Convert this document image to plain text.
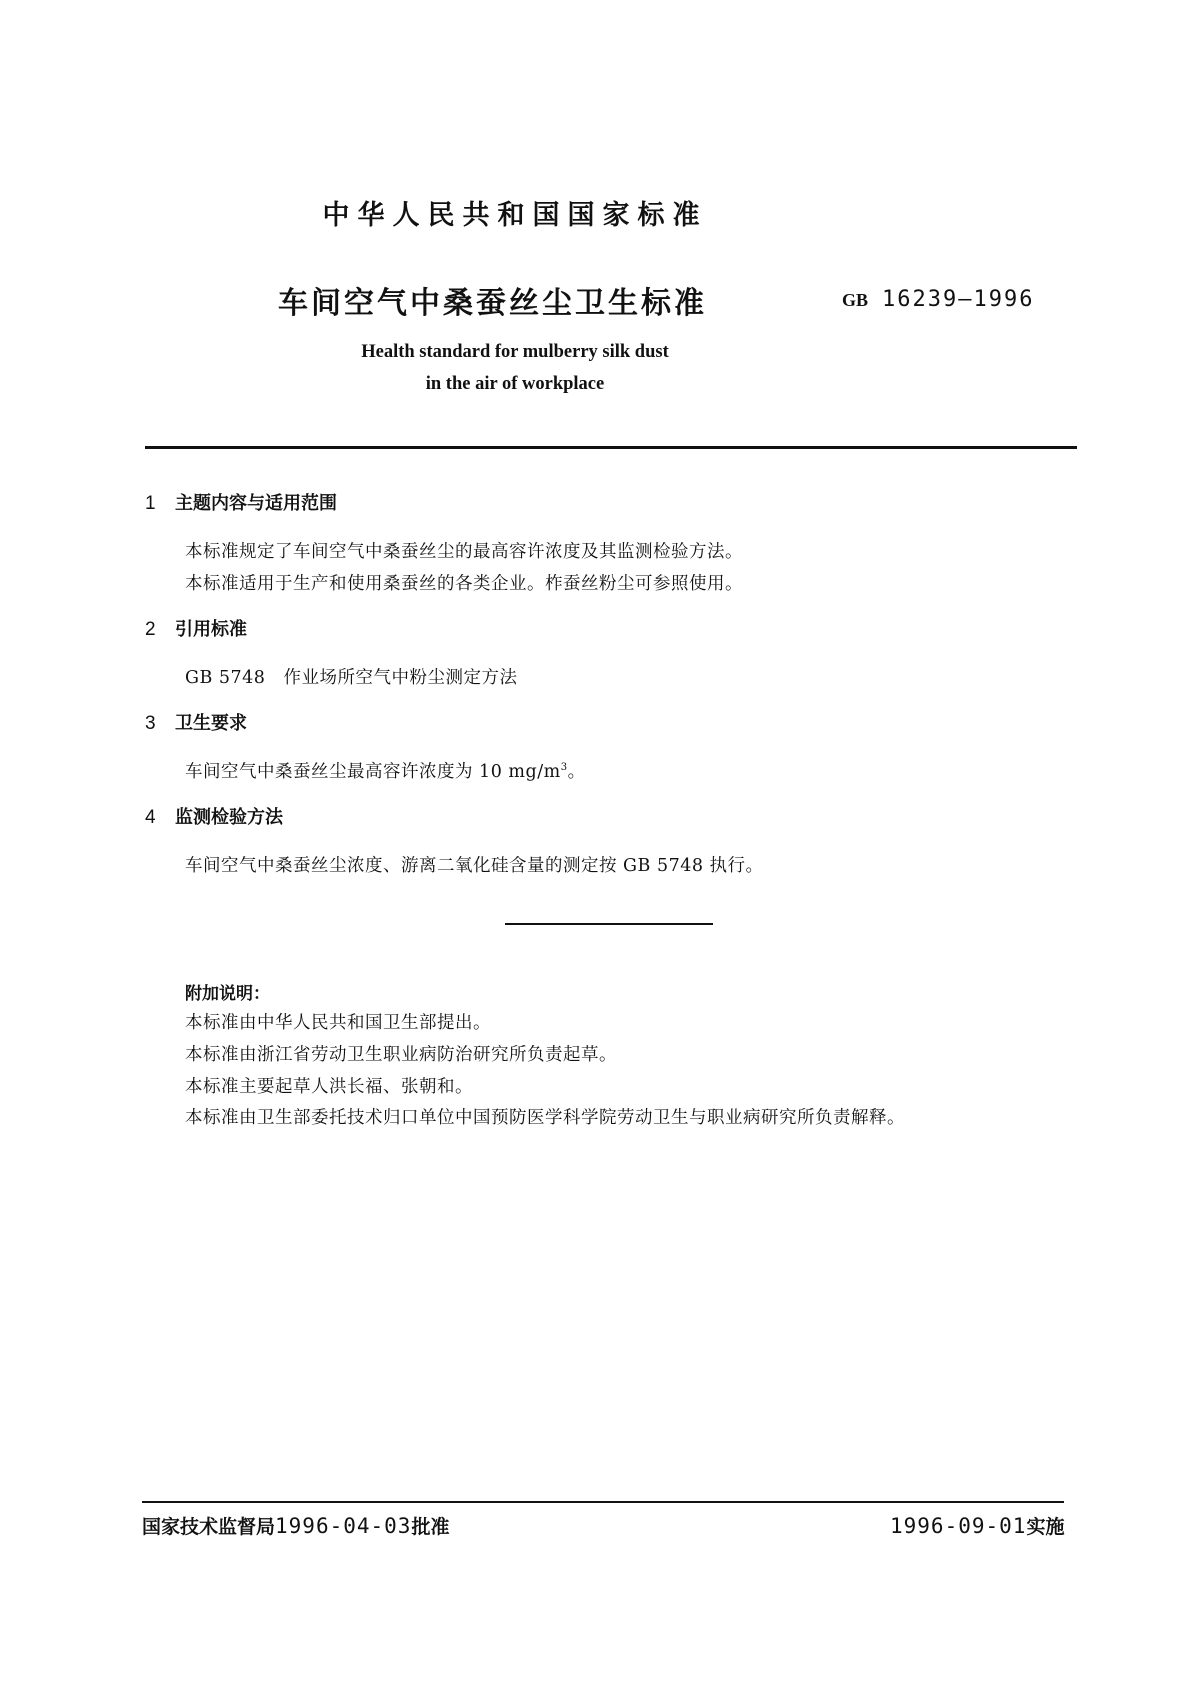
中华人民共和国国家标准
车间空气中桑蚕丝尘卫生标准	GB 16239—1996
Health standard for mulberry silk dust
in the air of workplace
1 主题内容与适用范围
本标准规定了车间空气中桑蚕丝尘的最高容许浓度及其监测检验方法。
本标准适用于生产和使用桑蚕丝的各类企业。柞蚕丝粉尘可参照使用。
2 引用标准
GB 5748　作业场所空气中粉尘测定方法
3 卫生要求
车间空气中桑蚕丝尘最高容许浓度为 10 $mg/m^3$。
4 监测检验方法
车间空气中桑蚕丝尘浓度、游离二氧化硅含量的测定按 GB 5748 执行。
附加说明：
本标准由中华人民共和国卫生部提出。
本标准由浙江省劳动卫生职业病防治研究所负责起草。
本标准主要起草人洪长福、张朝和。
本标准由卫生部委托技术归口单位中国预防医学科学院劳动卫生与职业病研究所负责解释。
国家技术监督局1996-04-03批准	1996-09-01实施
